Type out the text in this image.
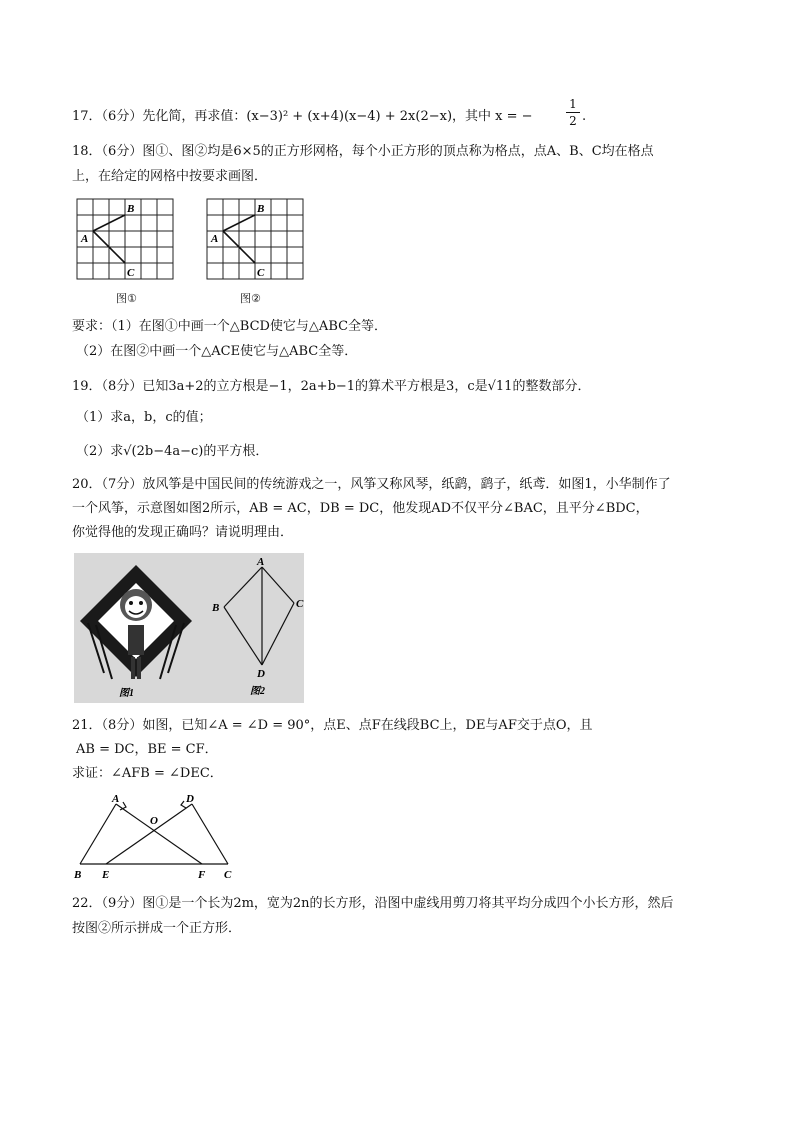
17．（6分）先化简，再求值：(x−3)² + (x+4)(x−4) + 2x(2−x)，其中 x = −
1
2 .
18．（6分）图①、图②均是6×5的正方形网格，每个小正方形的顶点称为格点，点A、B、C均在格点
上，在给定的网格中按要求画图．
B
A
C
图①
B
A
C
图②
要求：（1）在图①中画一个△BCD使它与△ABC全等．
（2）在图②中画一个△ACE使它与△ABC全等．
19．（8分）已知3a+2的立方根是−1，2a+b−1的算术平方根是3，c是√11的整数部分．
（1）求a，b，c的值；
（2）求√(2b−4a−c)的平方根．
20．（7分）放风筝是中国民间的传统游戏之一，风筝又称风琴，纸鹞，鹞子，纸鸢．如图1，小华制作了
一个风筝，示意图如图2所示，AB = AC，DB = DC，他发现AD不仅平分∠BAC，且平分∠BDC，
你觉得他的发现正确吗？请说明理由．
图1	图2
A
B	C
D
21．（8分）如图，已知∠A = ∠D = 90°，点E、点F在线段BC上，DE与AF交于点O，且
AB = DC，BE = CF．
求证：∠AFB = ∠DEC．
A	D
O
B E	F C
22．（9分）图①是一个长为2m，宽为2n的长方形，沿图中虚线用剪刀将其平均分成四个小长方形，然后
按图②所示拼成一个正方形．
